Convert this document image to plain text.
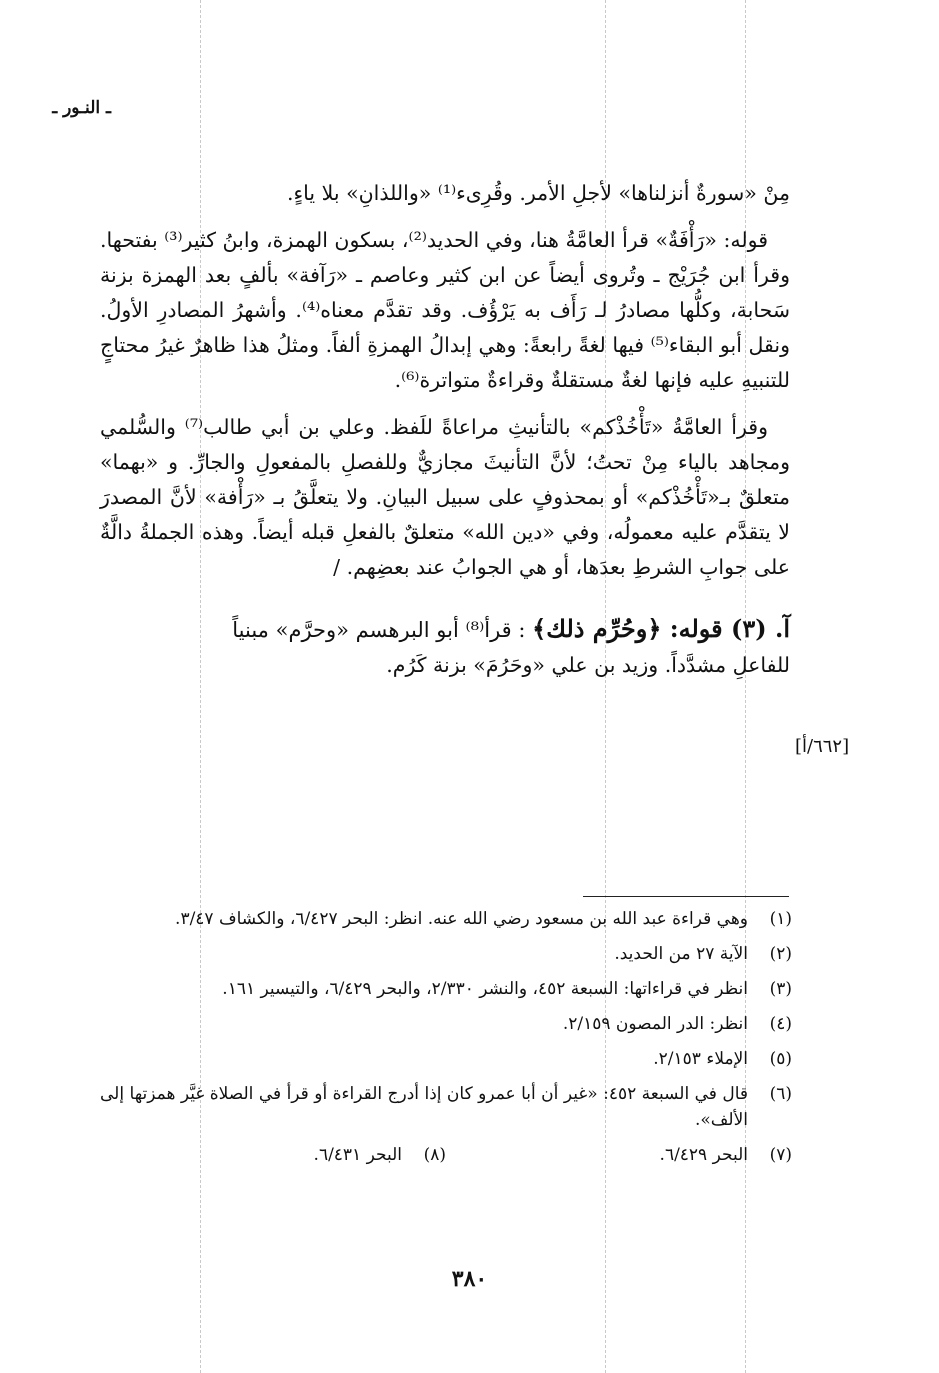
ـ النـور ـ

مِنْ «سورةٌ أنزلناها» لأجلِ الأمر. وقُرِىء⁽¹⁾ «واللذانِ» بلا ياءٍ.

قوله: «رَأْفَةٌ» قرأ العامَّةُ هنا، وفي الحديد⁽²⁾، بسكون الهمزة، وابنُ كثير⁽³⁾ بفتحها. وقرأ ابن جُرَيْج ـ وتُروى أيضاً عن ابن كثير وعاصم ـ «رَآفة» بألفٍ بعد الهمزة بزنة سَحابة، وكلُّها مصادرُ لـ رَأَف به يَرْؤُف. وقد تقدَّم معناه⁽⁴⁾. وأشهرُ المصادرِ الأولُ. ونقل أبو البقاء⁽⁵⁾ فيها لغةً رابعةً: وهي إبدالُ الهمزةِ ألفاً. ومثلُ هذا ظاهرٌ غيرُ محتاجٍ للتنبيهِ عليه فإنها لغةٌ مستقلةٌ وقراءةٌ متواترة⁽⁶⁾.

وقرأ العامَّةُ «تَأْخُذْكم» بالتأنيثِ مراعاةً للَفظ. وعلي بن أبي طالب⁽⁷⁾ والسُّلمي ومجاهد بالياء مِنْ تحتُ؛ لأنَّ التأنيثَ مجازيٌّ وللفصلِ بالمفعولِ والجارِّ. و «بهما» متعلقٌ بـ«تَأْخُذْكم» أو بمحذوفٍ على سبيل البيانِ. ولا يتعلَّقُ بـ «رَأْفة» لأنَّ المصدرَ لا يتقدَّم عليه معمولُه، وفي «دين الله» متعلقٌ بالفعلِ قبله أيضاً. وهذه الجملةُ دالَّةٌ على جوابِ الشرطِ بعدَها، أو هي الجوابُ عند بعضِهم. /

آ. (٣) قوله: ﴿وحُرِّم ذلك﴾ : قرأ⁽⁸⁾ أبو البرهسم «وحرَّم» مبنياً

للفاعلِ مشدَّداً. وزيد بن علي «وحَرُمَ» بزنة كَرُم.

[٦٦٢/أ]
(١)
وهي قراءة عبد الله بن مسعود رضي الله عنه. انظر: البحر ٦/٤٢٧، والكشاف ٣/٤٧.
(٢)
الآية ٢٧ من الحديد.
(٣)
انظر في قراءاتها: السبعة ٤٥٢، والنشر ٢/٣٣٠، والبحر ٦/٤٢٩، والتيسير ١٦١.
(٤)
انظر: الدر المصون ٢/١٥٩.
(٥)
الإملاء ٢/١٥٣.
(٦)
قال في السبعة ٤٥٢: «غير أن أبا عمرو كان إذا أدرج القراءة أو قرأ في الصلاة غيَّر همزتها إلى الألف».
(٧)
البحر ٦/٤٢٩.
(٨)
البحر ٦/٤٣١.
٣٨٠
